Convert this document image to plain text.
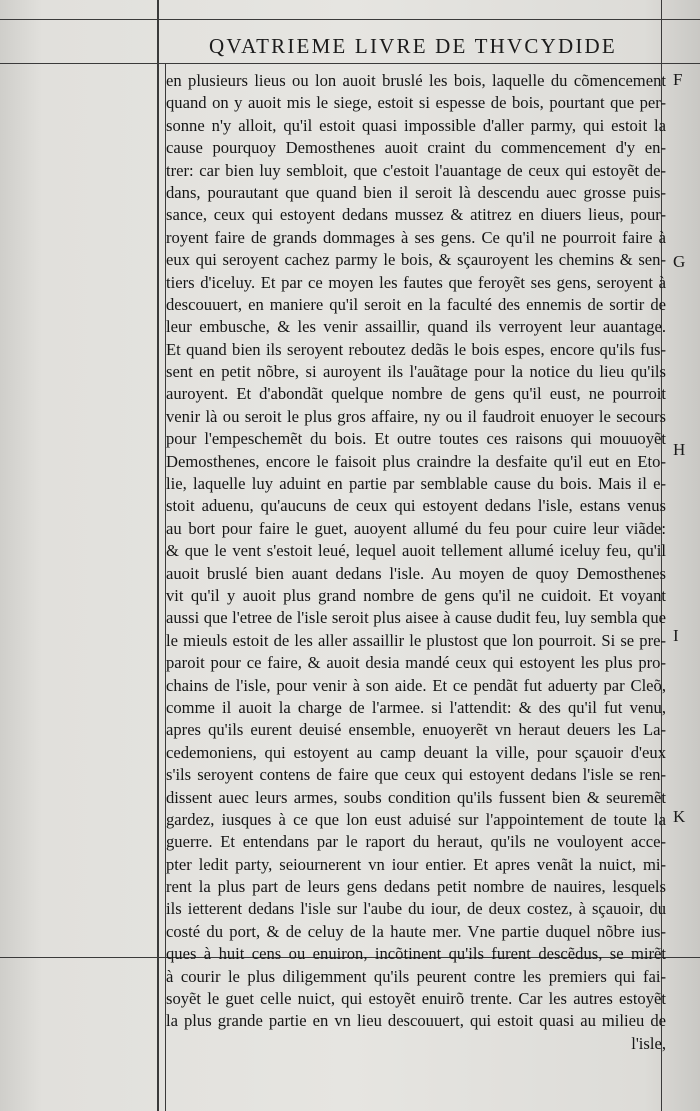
QVATRIEME LIVRE DE THVCYDIDE
en plusieurs lieus ou lon auoit bruslé les bois, laquelle du cõmencement
quand on y auoit mis le siege, estoit si espesse de bois, pourtant que per-
sonne n'y alloit, qu'il estoit quasi impossible d'aller parmy, qui estoit la
cause pourquoy Demosthenes auoit craint du commencement d'y en-
trer: car bien luy sembloit, que c'estoit l'auantage de ceux qui estoyẽt de-
dans, pourautant que quand bien il seroit là descendu auec grosse puis-
sance, ceux qui estoyent dedans mussez & atitrez en diuers lieus, pour-
royent faire de grands dommages à ses gens. Ce qu'il ne pourroit faire à
eux qui seroyent cachez parmy le bois, & sçauroyent les chemins & sen-
tiers d'iceluy. Et par ce moyen les fautes que feroyẽt ses gens, seroyent à
descouuert, en maniere qu'il seroit en la faculté des ennemis de sortir de
leur embusche, & les venir assaillir, quand ils verroyent leur auantage.
Et quand bien ils seroyent reboutez dedãs le bois espes, encore qu'ils fus-
sent en petit nõbre, si auroyent ils l'auãtage pour la notice du lieu qu'ils
auroyent. Et d'abondãt quelque nombre de gens qu'il eust, ne pourroit
venir là ou seroit le plus gros affaire, ny ou il faudroit enuoyer le secours
pour l'empeschemẽt du bois. Et outre toutes ces raisons qui mouuoyẽt
Demosthenes, encore le faisoit plus craindre la desfaite qu'il eut en Eto-
lie, laquelle luy aduint en partie par semblable cause du bois. Mais il e-
stoit aduenu, qu'aucuns de ceux qui estoyent dedans l'isle, estans venus
au bort pour faire le guet, auoyent allumé du feu pour cuire leur viãde:
& que le vent s'estoit leué, lequel auoit tellement allumé iceluy feu, qu'il
auoit bruslé bien auant dedans l'isle. Au moyen de quoy Demosthenes
vit qu'il y auoit plus grand nombre de gens qu'il ne cuidoit. Et voyant
aussi que l'etree de l'isle seroit plus aisee à cause dudit feu, luy sembla que
le mieuls estoit de les aller assaillir le plustost que lon pourroit. Si se pre-
paroit pour ce faire, & auoit desia mandé ceux qui estoyent les plus pro-
chains de l'isle, pour venir à son aide. Et ce pendãt fut aduerty par Cleõ,
comme il auoit la charge de l'armee. si l'attendit: & des qu'il fut venu,
apres qu'ils eurent deuisé ensemble, enuoyerẽt vn heraut deuers les La-
cedemoniens, qui estoyent au camp deuant la ville, pour sçauoir d'eux
s'ils seroyent contens de faire que ceux qui estoyent dedans l'isle se ren-
dissent auec leurs armes, soubs condition qu'ils fussent bien & seuremẽt
gardez, iusques à ce que lon eust aduisé sur l'appointement de toute la
guerre. Et entendans par le raport du heraut, qu'ils ne vouloyent acce-
pter ledit party, seiournerent vn iour entier. Et apres venãt la nuict, mi-
rent la plus part de leurs gens dedans petit nombre de nauires, lesquels
ils ietterent dedans l'isle sur l'aube du iour, de deux costez, à sçauoir, du
costé du port, & de celuy de la haute mer. Vne partie duquel nõbre ius-
ques à huit cens ou enuiron, incõtinent qu'ils furent descẽdus, se mirẽt
à courir le plus diligemment qu'ils peurent contre les premiers qui fai-
soyẽt le guet celle nuict, qui estoyẽt enuirõ trente. Car les autres estoyẽt
la plus grande partie en vn lieu descouuert, qui estoit quasi au milieu de
l'isle,
F
G
H
I
K
